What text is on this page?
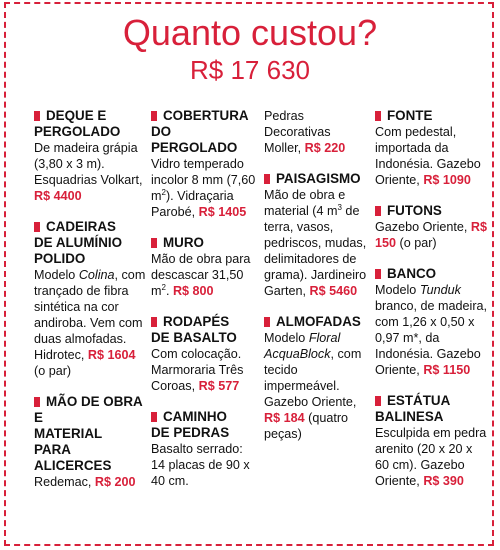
Quanto custou?
R$ 17 630
DEQUE E
PERGOLADO
De madeira grápia (3,80 x 3 m). Esquadrias Volkart, R$ 4400
CADEIRAS
DE ALUMÍNIO
POLIDO
Modelo Colina, com trançado de fibra sintética na cor andiroba. Vem com duas almofadas. Hidrotec, R$ 1604 (o par)
MÃO DE OBRA E
MATERIAL
PARA ALICERCES
Redemac, R$ 200
COBERTURA
DO PERGOLADO
Vidro temperado incolor 8 mm (7,60 $m^2$). Vidraçaria Parobé, R$ 1405
MURO
Mão de obra para descascar 31,50 $m^2$. R$ 800
RODAPÉS
DE BASALTO
Com colocação. Marmoraria Três Coroas, R$ 577
CAMINHO
DE PEDRAS
Basalto serrado: 14 placas de 90 x 40 cm.
Pedras Decorativas Moller, R$ 220
PAISAGISMO
Mão de obra e material (4 $m^3$ de terra, vasos, pedriscos, mudas, delimitadores de grama). Jardineiro Garten, R$ 5460
ALMOFADAS
Modelo Floral AcquaBlock, com tecido impermeável. Gazebo Oriente, R$ 184 (quatro peças)
FONTE
Com pedestal, importada da Indonésia. Gazebo Oriente, R$ 1090
FUTONS
Gazebo Oriente, R$ 150 (o par)
BANCO
Modelo Tunduk branco, de madeira, com 1,26 x 0,50 x 0,97 m*, da Indonésia. Gazebo Oriente, R$ 1150
ESTÁTUA
BALINESA
Esculpida em pedra arenito (20 x 20 x 60 cm). Gazebo Oriente, R$ 390
